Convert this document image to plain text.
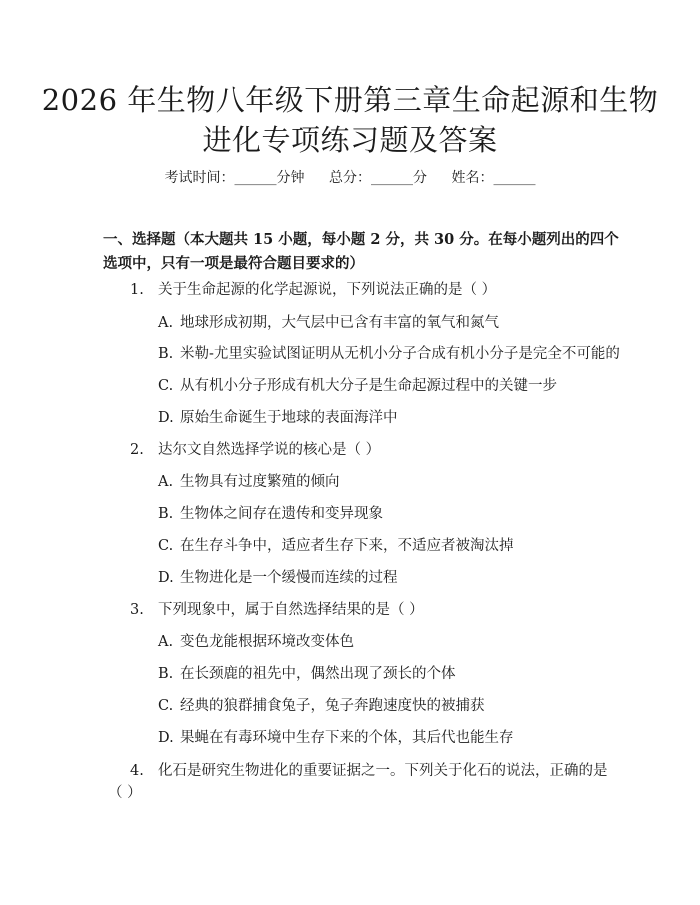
2026 年生物八年级下册第三章生命起源和生物进化专项练习题及答案
考试时间：______分钟 总分：______分 姓名：______
一、选择题（本大题共 15 小题，每小题 2 分，共 30 分。在每小题列出的四个选项中，只有一项是最符合题目要求的）
1. 关于生命起源的化学起源说，下列说法正确的是（ ）
A. 地球形成初期，大气层中已含有丰富的氧气和氮气
B. 米勒-尤里实验试图证明从无机小分子合成有机小分子是完全不可能的
C. 从有机小分子形成有机大分子是生命起源过程中的关键一步
D. 原始生命诞生于地球的表面海洋中
2. 达尔文自然选择学说的核心是（ ）
A. 生物具有过度繁殖的倾向
B. 生物体之间存在遗传和变异现象
C. 在生存斗争中，适应者生存下来，不适应者被淘汰掉
D. 生物进化是一个缓慢而连续的过程
3. 下列现象中，属于自然选择结果的是（ ）
A. 变色龙能根据环境改变体色
B. 在长颈鹿的祖先中，偶然出现了颈长的个体
C. 经典的狼群捕食兔子，兔子奔跑速度快的被捕获
D. 果蝇在有毒环境中生存下来的个体，其后代也能生存
4. 化石是研究生物进化的重要证据之一。下列关于化石的说法，正确的是（ ）
